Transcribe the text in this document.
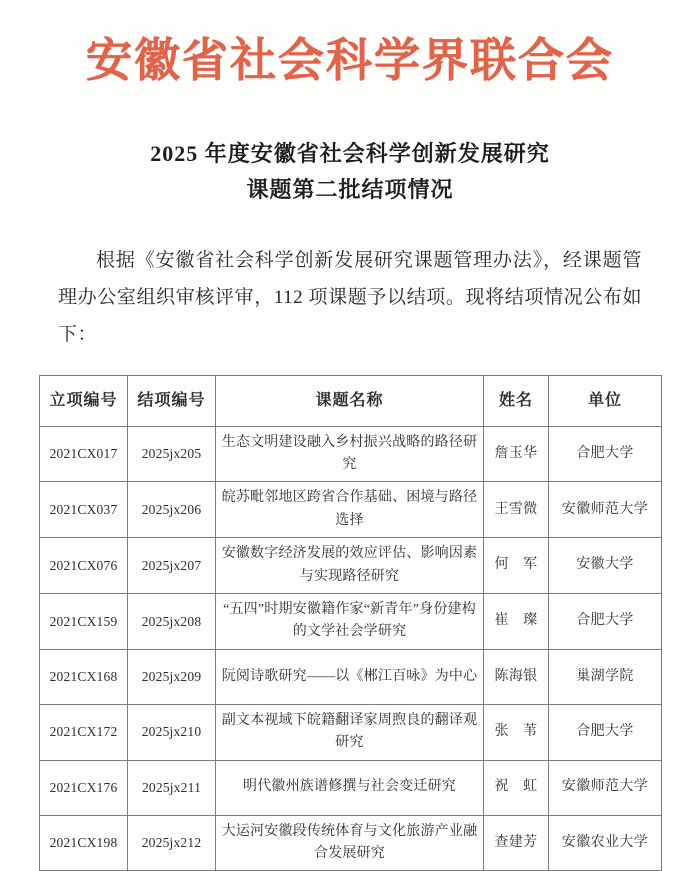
安徽省社会科学界联合会
2025 年度安徽省社会科学创新发展研究
课题第二批结项情况

根据《安徽省社会科学创新发展研究课题管理办法》，经课题管理办公室组织审核评审，112 项课题予以结项。现将结项情况公布如下：

立项编号	结项编号	课题名称	姓名	单位
2021CX017	2025jx205	生态文明建设融入乡村振兴战略的路径研究	詹玉华	合肥大学
2021CX037	2025jx206	皖苏毗邻地区跨省合作基础、困境与路径选择	王雪微	安徽师范大学
2021CX076	2025jx207	安徽数字经济发展的效应评估、影响因素与实现路径研究	何　军	安徽大学
2021CX159	2025jx208	“五四”时期安徽籍作家“新青年”身份建构的文学社会学研究	崔　璨	合肥大学
2021CX168	2025jx209	阮阅诗歌研究——以《郴江百咏》为中心	陈海银	巢湖学院
2021CX172	2025jx210	副文本视域下皖籍翻译家周煦良的翻译观研究	张　苇	合肥大学
2021CX176	2025jx211	明代徽州族谱修撰与社会变迁研究	祝　虹	安徽师范大学
2021CX198	2025jx212	大运河安徽段传统体育与文化旅游产业融合发展研究	查建芳	安徽农业大学
